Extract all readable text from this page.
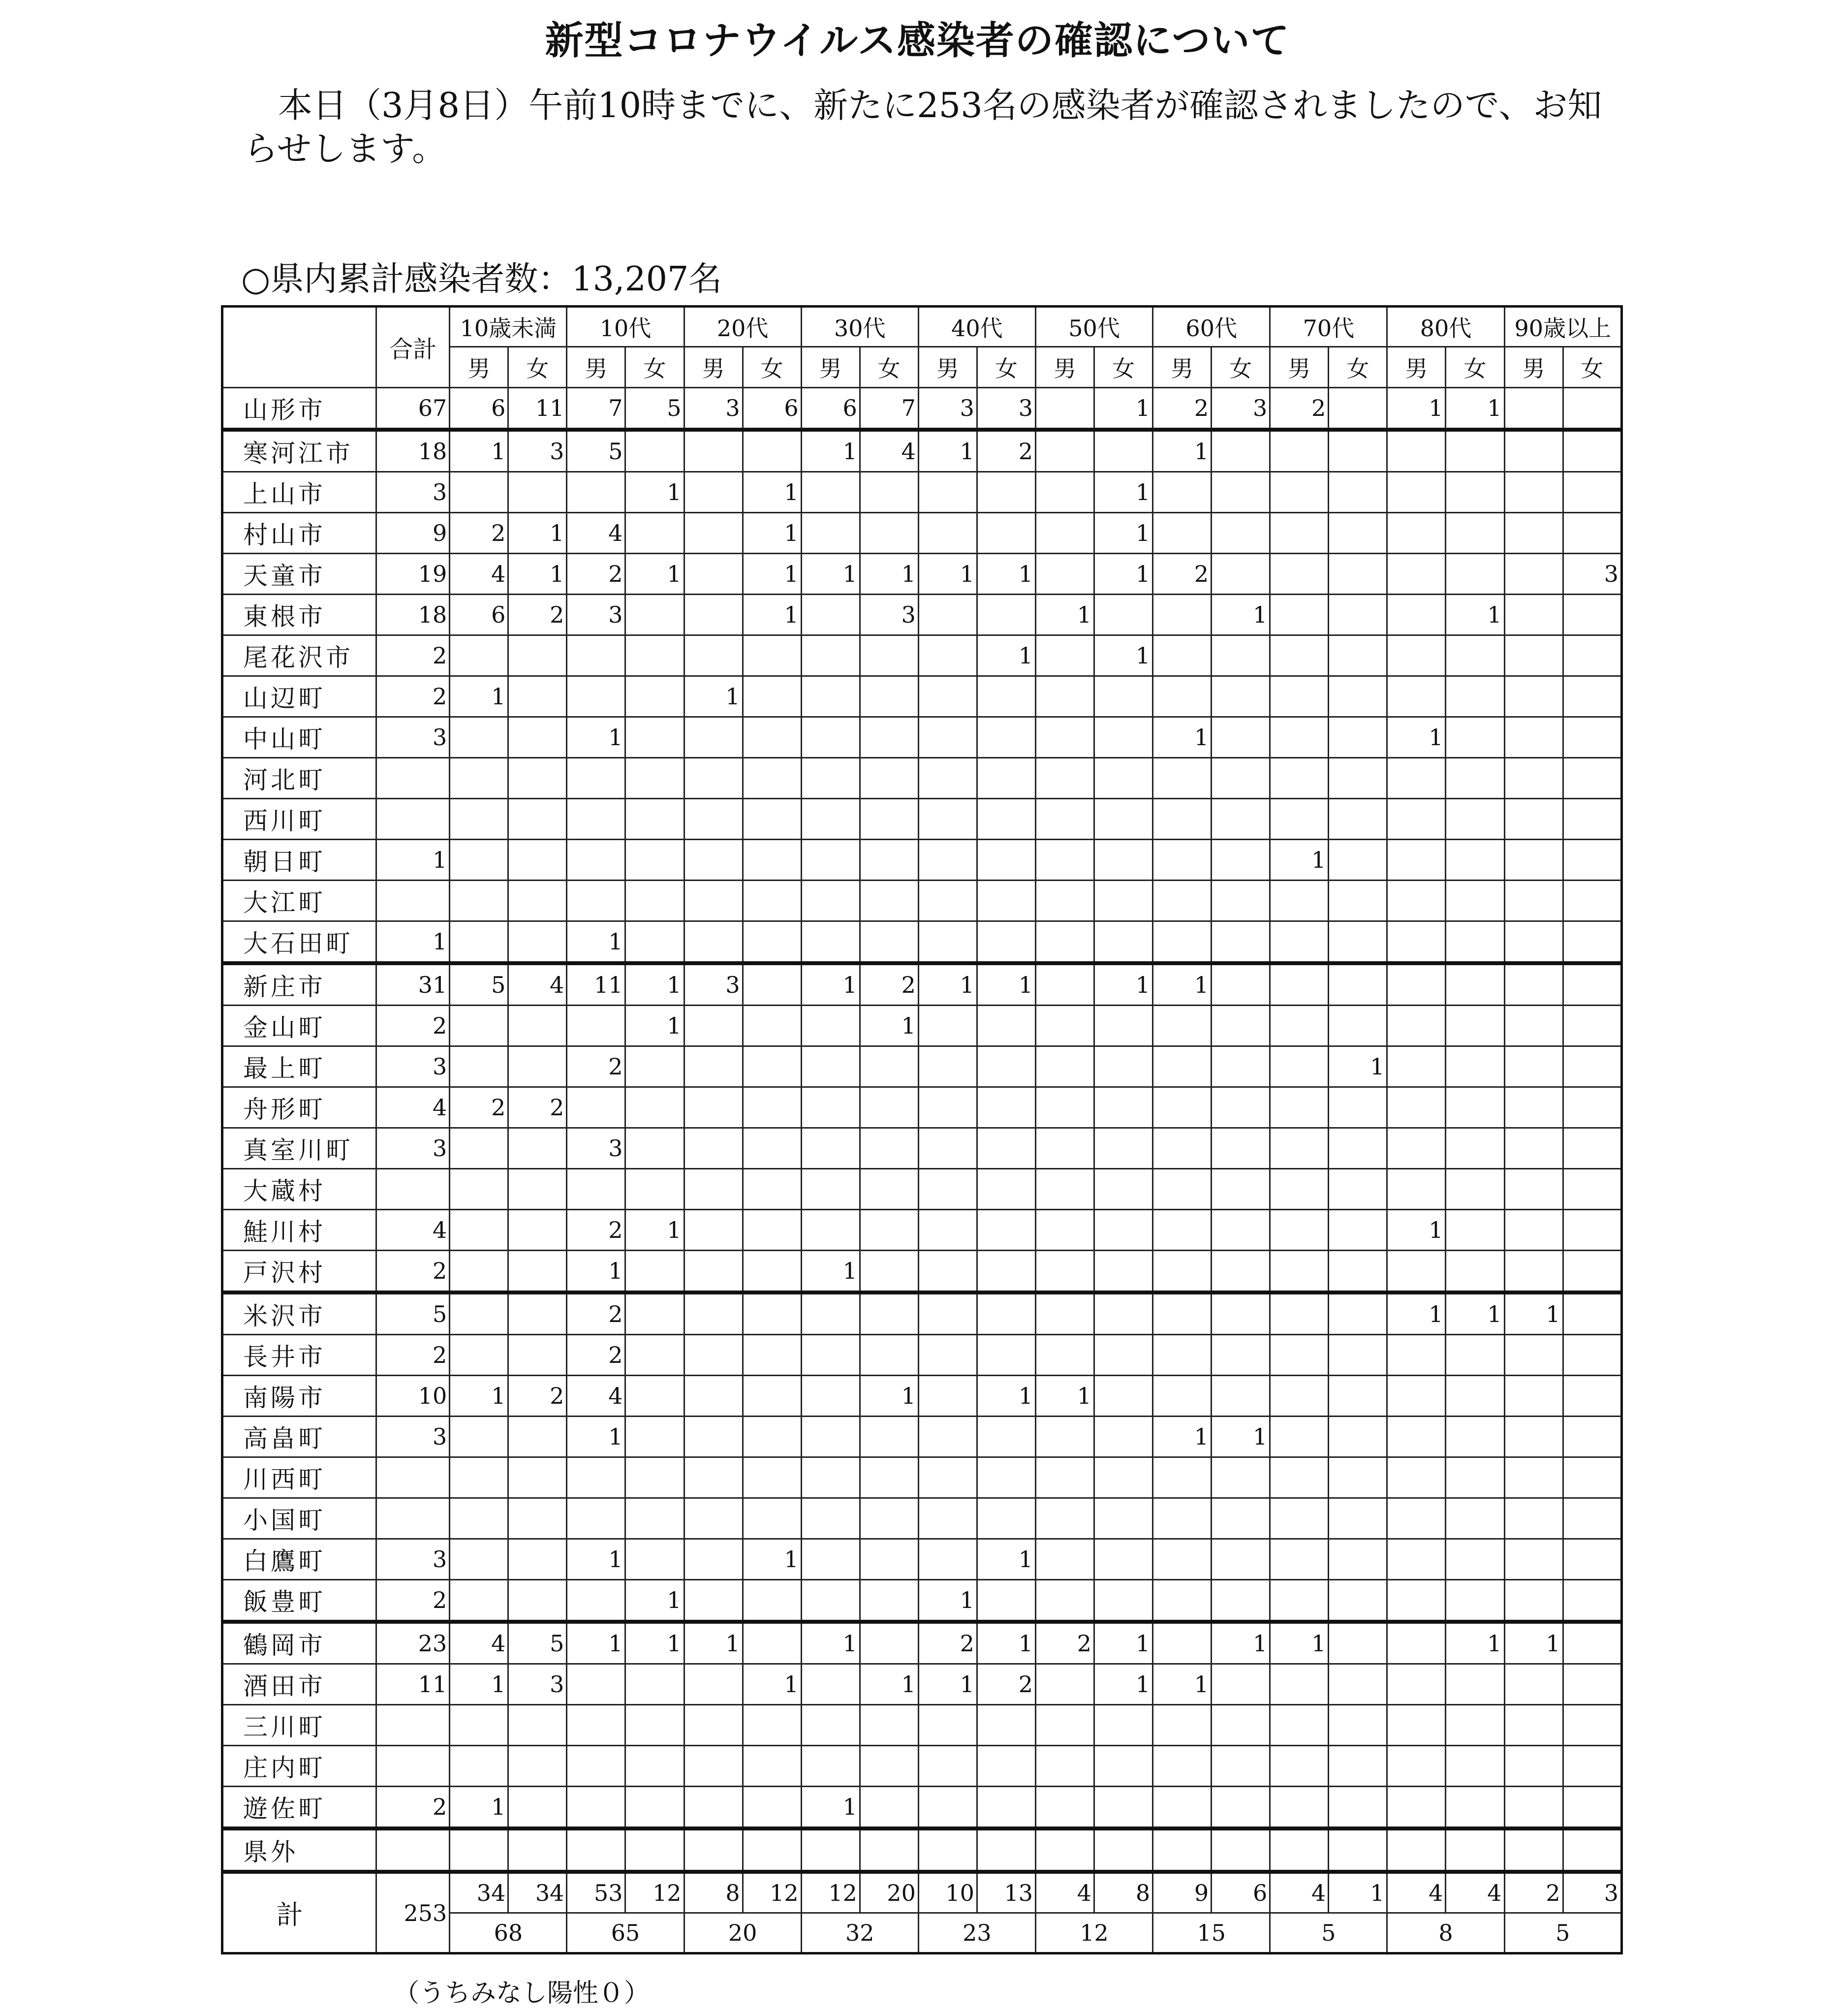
新型コロナウイルス感染者の確認について
本日（3月8日）午前10時までに、新たに253名の感染者が確認されましたので、お知らせします。
○県内累計感染者数：13,207名
	合計	10歳未満		10代		20代		30代		40代		50代		60代		70代		80代		90歳以上	
		男	女	男	女	男	女	男	女	男	女	男	女	男	女	男	女	男	女	男	女
山形市	67	6	11	7	5	3	6	6	7	3	3		1	2	3	2		1	1		
寒河江市	18	1	3	5				1	4	1	2			1							
上山市	3				1		1						1								
村山市	9	2	1	4			1						1								
天童市	19	4	1	2	1		1	1	1	1	1		1	2							3
東根市	18	6	2	3			1		3			1			1				1		
尾花沢市	2										1		1								
山辺町	2	1				1															
中山町	3			1										1				1			
河北町																					
西川町																					
朝日町	1															1					
大江町																					
大石田町	1			1																	
新庄市	31	5	4	11	1	3		1	2	1	1		1	1							
金山町	2				1				1												
最上町	3			2													1				
舟形町	4	2	2																		
真室川町	3			3																	
大蔵村																					
鮭川村	4			2	1													1			
戸沢村	2			1				1													
米沢市	5			2														1	1	1	
長井市	2			2																	
南陽市	10	1	2	4					1		1	1									
高畠町	3			1										1	1						
川西町																					
小国町																					
白鷹町	3			1			1				1										
飯豊町	2				1					1											
鶴岡市	23	4	5	1	1	1		1		2	1	2	1		1	1			1	1	
酒田市	11	1	3				1		1	1	2		1	1							
三川町																					
庄内町																					
遊佐町	2	1						1													
県外																					
計	253	34	34	53	12	8	12	12	20	10	13	4	8	9	6	4	1	4	4	2	3
		68		65		20		32		23		12		15		5		8		5	
（うちみなし陽性０）
